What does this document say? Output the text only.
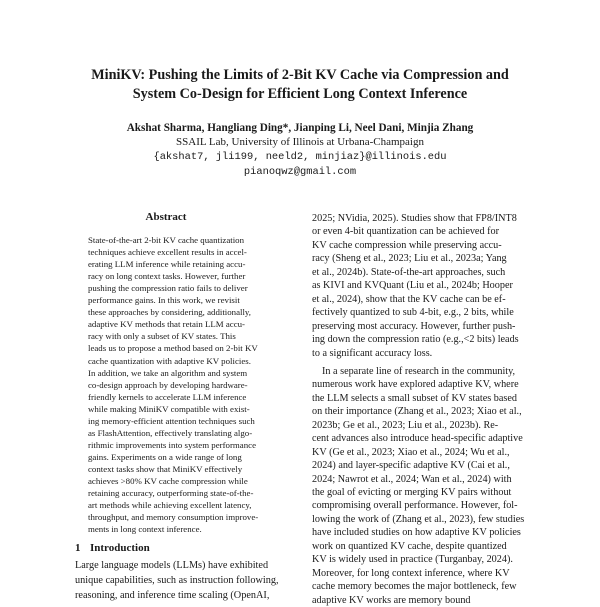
MiniKV: Pushing the Limits of 2-Bit KV Cache via Compression and
System Co-Design for Efficient Long Context Inference
Akshat Sharma, Hangliang Ding*, Jianping Li, Neel Dani, Minjia Zhang
SSAIL Lab, University of Illinois at Urbana-Champaign
{akshat7, jli199, neeld2, minjiaz}@illinois.edu
pianoqwz@gmail.com
Abstract
State-of-the-art 2-bit KV cache quantization
techniques achieve excellent results in accel-
erating LLM inference while retaining accu-
racy on long context tasks. However, further
pushing the compression ratio fails to deliver
performance gains. In this work, we revisit
these approaches by considering, additionally,
adaptive KV methods that retain LLM accu-
racy with only a subset of KV states. This
leads us to propose a method based on 2-bit KV
cache quantization with adaptive KV policies.
In addition, we take an algorithm and system
co-design approach by developing hardware-
friendly kernels to accelerate LLM inference
while making MiniKV compatible with exist-
ing memory-efficient attention techniques such
as FlashAttention, effectively translating algo-
rithmic improvements into system performance
gains. Experiments on a wide range of long
context tasks show that MiniKV effectively
achieves >80% KV cache compression while
retaining accuracy, outperforming state-of-the-
art methods while achieving excellent latency,
throughput, and memory consumption improve-
ments in long context inference.
1 Introduction
Large language models (LLMs) have exhibited
unique capabilities, such as instruction following,
reasoning, and inference time scaling (OpenAI,
2025; NVidia, 2025). Studies show that FP8/INT8
or even 4-bit quantization can be achieved for
KV cache compression while preserving accu-
racy (Sheng et al., 2023; Liu et al., 2023a; Yang
et al., 2024b). State-of-the-art approaches, such
as KIVI and KVQuant (Liu et al., 2024b; Hooper
et al., 2024), show that the KV cache can be ef-
fectively quantized to sub 4-bit, e.g., 2 bits, while
preserving most accuracy. However, further push-
ing down the compression ratio (e.g.,<2 bits) leads
to a significant accuracy loss.
In a separate line of research in the community,
numerous work have explored adaptive KV, where
the LLM selects a small subset of KV states based
on their importance (Zhang et al., 2023; Xiao et al.,
2023b; Ge et al., 2023; Liu et al., 2023b). Re-
cent advances also introduce head-specific adaptive
KV (Ge et al., 2023; Xiao et al., 2024; Wu et al.,
2024) and layer-specific adaptive KV (Cai et al.,
2024; Nawrot et al., 2024; Wan et al., 2024) with
the goal of evicting or merging KV pairs without
compromising overall performance. However, fol-
lowing the work of (Zhang et al., 2023), few studies
have included studies on how adaptive KV policies
work on quantized KV cache, despite quantized
KV is widely used in practice (Turganbay, 2024).
Moreover, for long context inference, where KV
cache memory becomes the major bottleneck, few
adaptive KV works are memory bound
